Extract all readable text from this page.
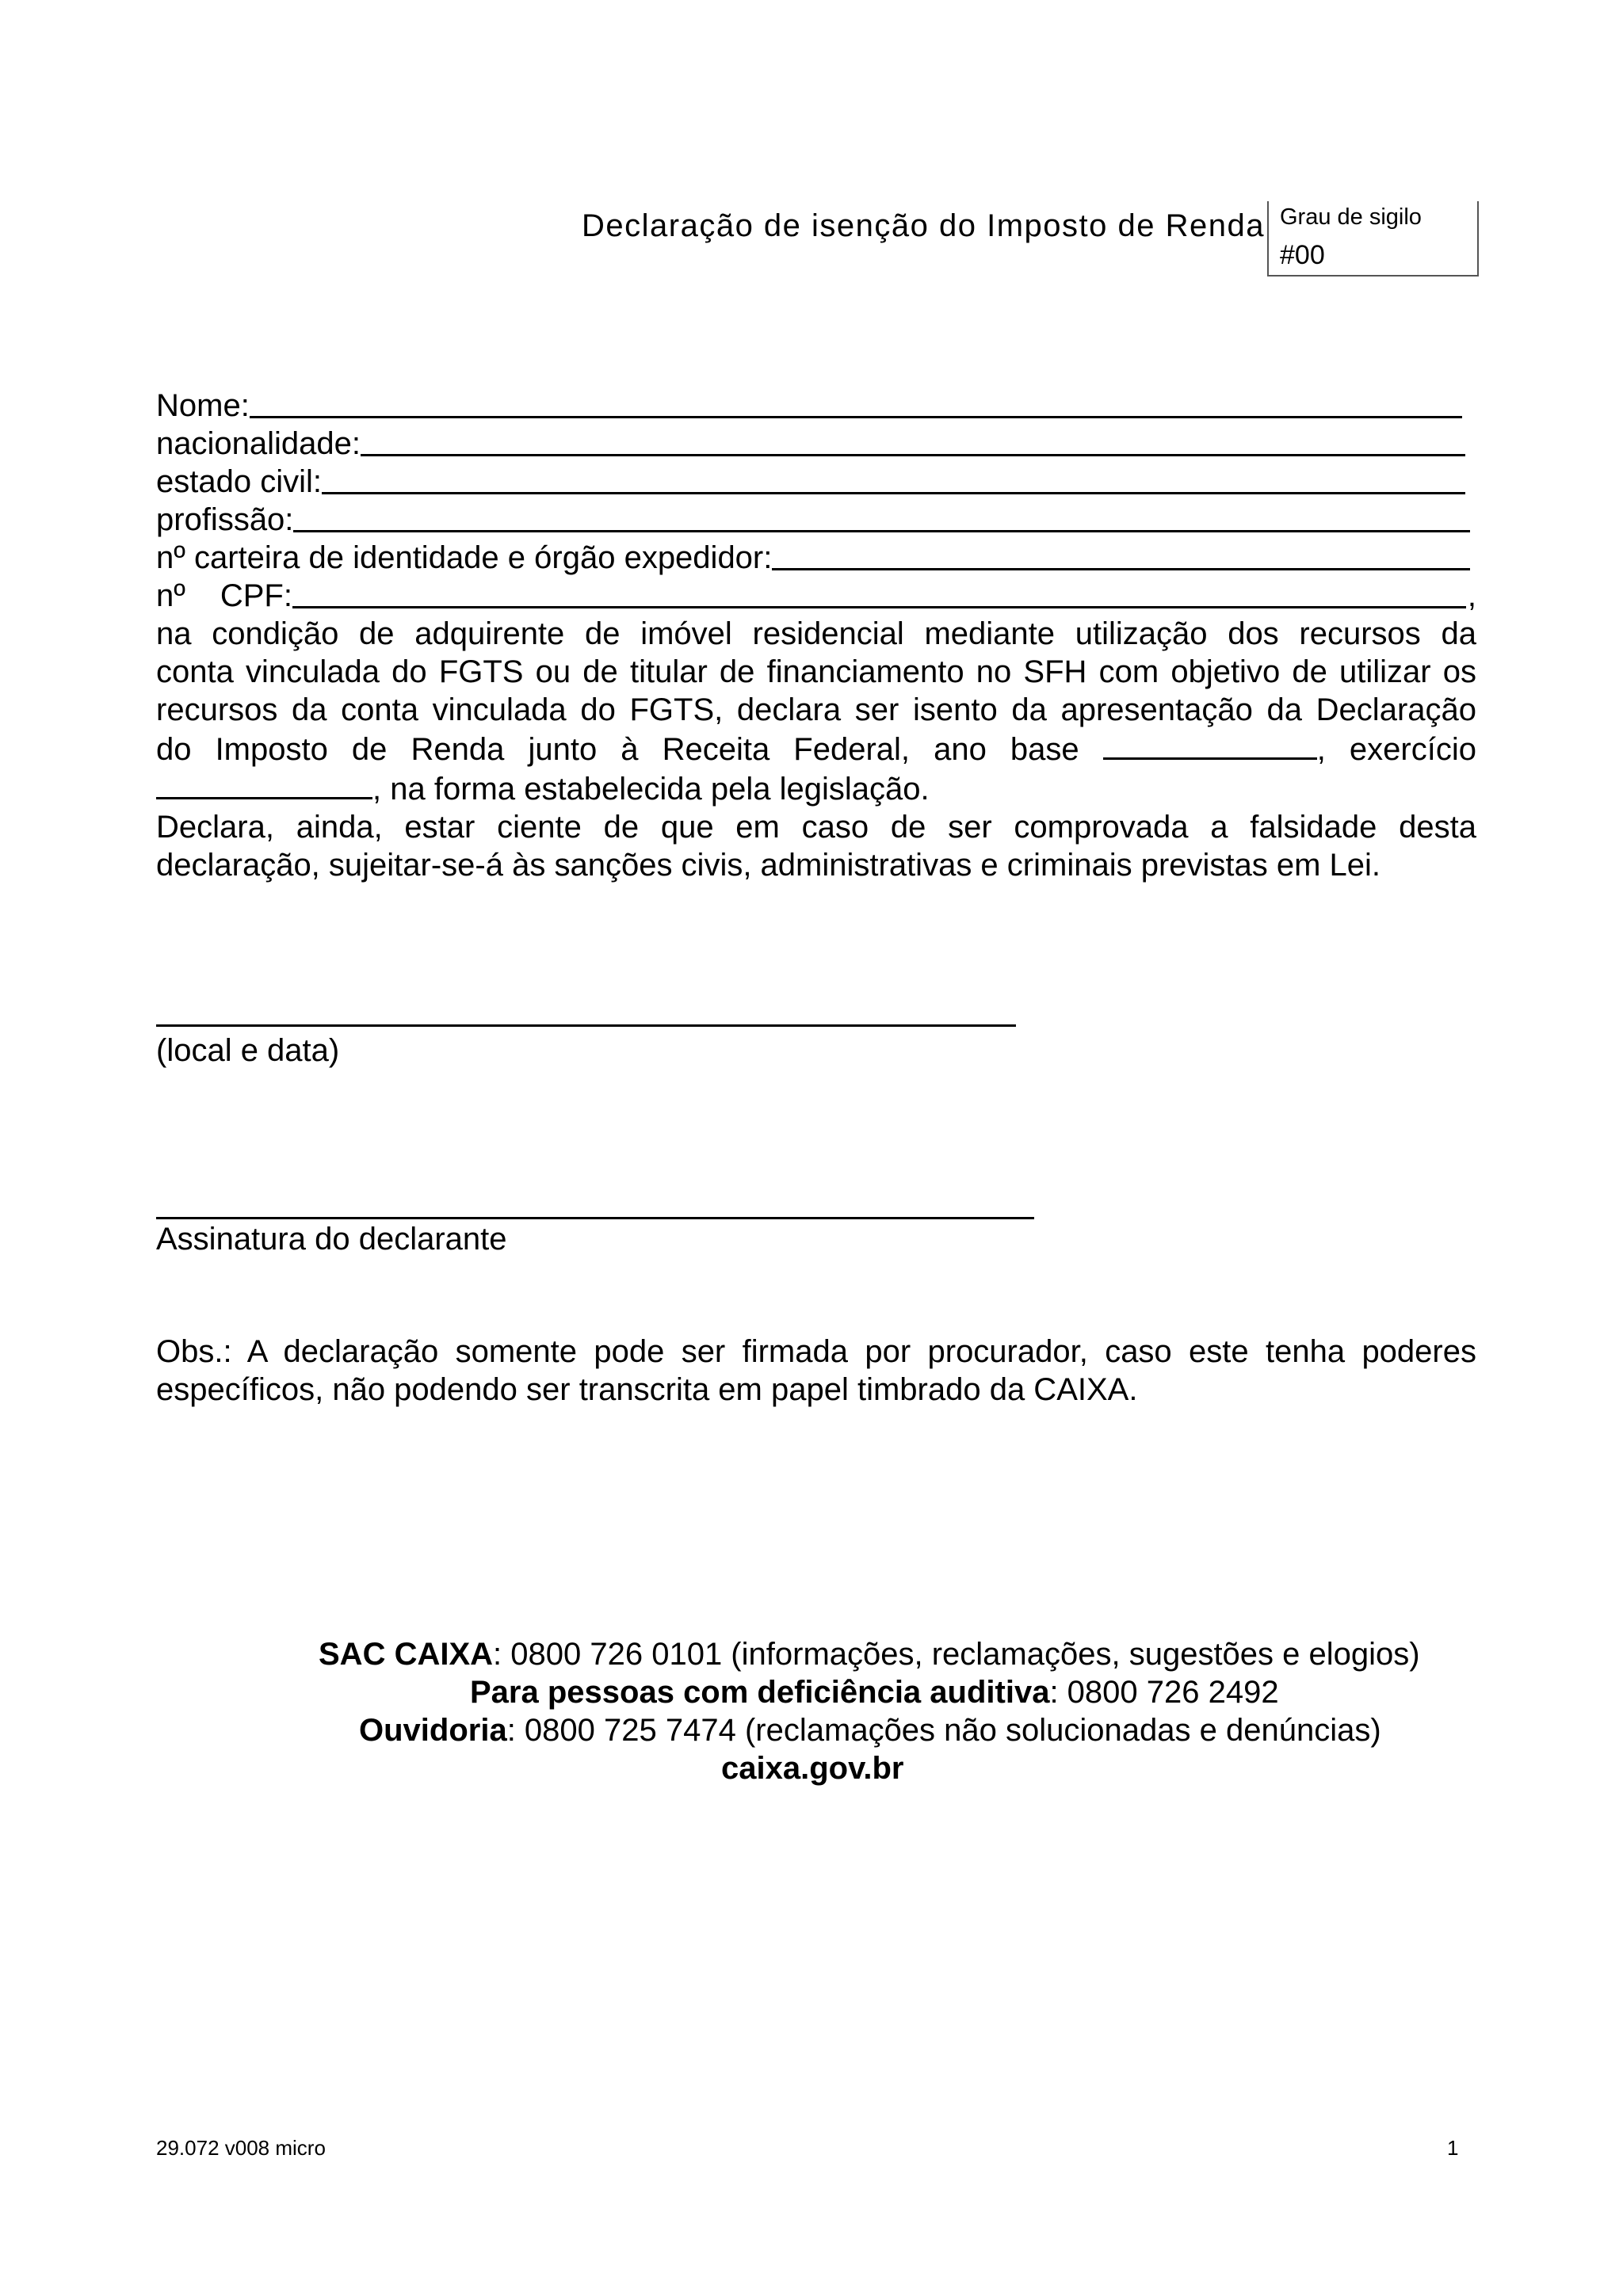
Declaração de isenção do Imposto de Renda Grau de sigilo
#00
Nome:
nacionalidade:
estado civil:
profissão:
nº carteira de identidade e órgão expedidor:
nº CPF:	,
na condição de adquirente de imóvel residencial mediante utilização dos recursos da
conta vinculada do FGTS ou de titular de financiamento no SFH com objetivo de utilizar os
recursos da conta vinculada do FGTS, declara ser isento da apresentação da Declaração
do Imposto de Renda junto à Receita Federal, ano base	, exercício
, na forma estabelecida pela legislação.
Declara, ainda, estar ciente de que em caso de ser comprovada a falsidade desta
declaração, sujeitar-se-á às sanções civis, administrativas e criminais previstas em Lei.
(local e data)
Assinatura do declarante
Obs.: A declaração somente pode ser firmada por procurador, caso este tenha poderes
específicos, não podendo ser transcrita em papel timbrado da CAIXA.
SAC CAIXA: 0800 726 0101 (informações, reclamações, sugestões e elogios)
Para pessoas com deficiência auditiva: 0800 726 2492
Ouvidoria: 0800 725 7474 (reclamações não solucionadas e denúncias)
caixa.gov.br
29.072 v008 micro	1
